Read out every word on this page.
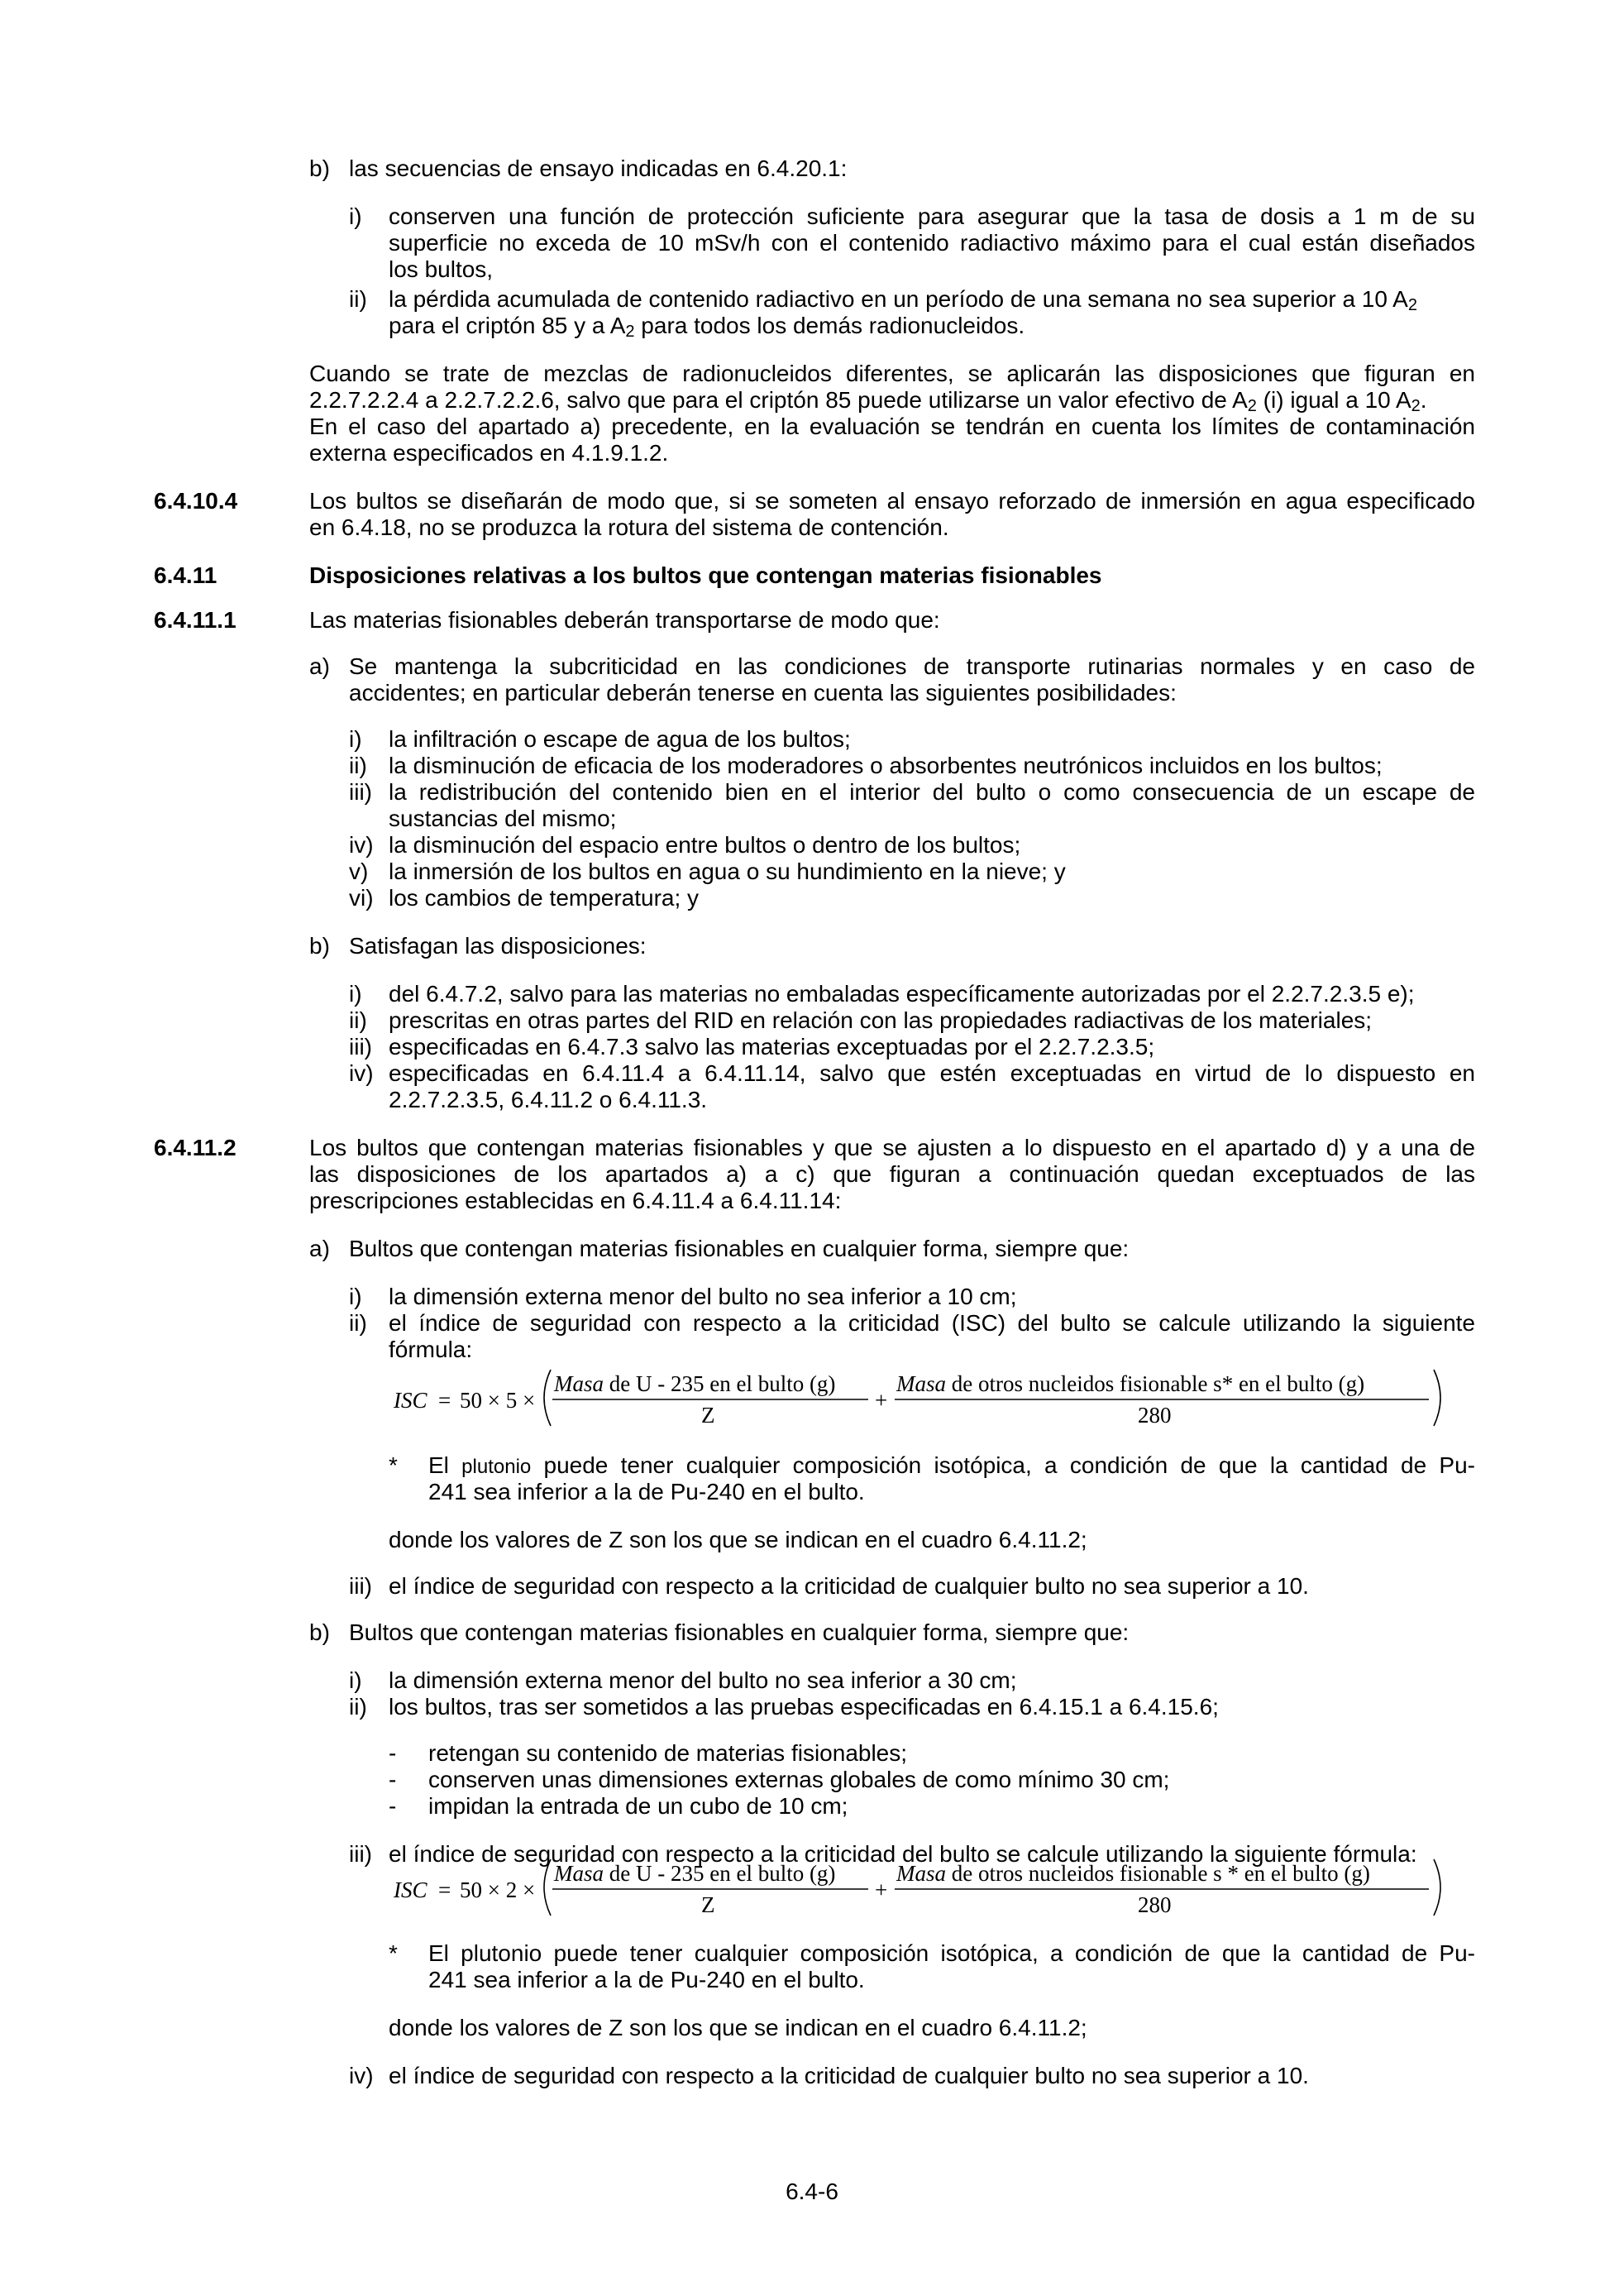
b) las secuencias de ensayo indicadas en 6.4.20.1:
i) conserven una función de protección suficiente para asegurar que la tasa de dosis a 1 m de su
superficie no exceda de 10 mSv/h con el contenido radiactivo máximo para el cual están diseñados
los bultos,
ii) la pérdida acumulada de contenido radiactivo en un período de una semana no sea superior a 10 $A_2$
para el criptón 85 y a $A_2$ para todos los demás radionucleidos.
Cuando se trate de mezclas de radionucleidos diferentes, se aplicarán las disposiciones que figuran en
2.2.7.2.2.4 a 2.2.7.2.2.6, salvo que para el criptón 85 puede utilizarse un valor efectivo de $A_2$ (i) igual a 10 $A_2$.
En el caso del apartado a) precedente, en la evaluación se tendrán en cuenta los límites de contaminación
externa especificados en 4.1.9.1.2.
6.4.10.4	Los bultos se diseñarán de modo que, si se someten al ensayo reforzado de inmersión en agua especificado
en 6.4.18, no se produzca la rotura del sistema de contención.
6.4.11	Disposiciones relativas a los bultos que contengan materias fisionables
6.4.11.1	Las materias fisionables deberán transportarse de modo que:
a) Se mantenga la subcriticidad en las condiciones de transporte rutinarias normales y en caso de
accidentes; en particular deberán tenerse en cuenta las siguientes posibilidades:
i) la infiltración o escape de agua de los bultos;
ii) la disminución de eficacia de los moderadores o absorbentes neutrónicos incluidos en los bultos;
iii) la redistribución del contenido bien en el interior del bulto o como consecuencia de un escape de
sustancias del mismo;
iv) la disminución del espacio entre bultos o dentro de los bultos;
v) la inmersión de los bultos en agua o su hundimiento en la nieve; y
vi) los cambios de temperatura; y
b) Satisfagan las disposiciones:
i) del 6.4.7.2, salvo para las materias no embaladas específicamente autorizadas por el 2.2.7.2.3.5 e);
ii) prescritas en otras partes del RID en relación con las propiedades radiactivas de los materiales;
iii) especificadas en 6.4.7.3 salvo las materias exceptuadas por el 2.2.7.2.3.5;
iv) especificadas en 6.4.11.4 a 6.4.11.14, salvo que estén exceptuadas en virtud de lo dispuesto en
2.2.7.2.3.5, 6.4.11.2 o 6.4.11.3.
6.4.11.2	Los bultos que contengan materias fisionables y que se ajusten a lo dispuesto en el apartado d) y a una de
las disposiciones de los apartados a) a c) que figuran a continuación quedan exceptuados de las
prescripciones establecidas en 6.4.11.4 a 6.4.11.14:
a) Bultos que contengan materias fisionables en cualquier forma, siempre que:
i) la dimensión externa menor del bulto no sea inferior a 10 cm;
ii) el índice de seguridad con respecto a la criticidad (ISC) del bulto se calcule utilizando la siguiente
fórmula:
ISC = 50 × 5 ×
Masa de U - 235 en el bulto (g)
Z
+
Masa de otros nucleidos fisionable s* en el bulto (g)
280
* El plutonio puede tener cualquier composición isotópica, a condición de que la cantidad de Pu-
241 sea inferior a la de Pu-240 en el bulto.
donde los valores de Z son los que se indican en el cuadro 6.4.11.2;
iii) el índice de seguridad con respecto a la criticidad de cualquier bulto no sea superior a 10.
b) Bultos que contengan materias fisionables en cualquier forma, siempre que:
i) la dimensión externa menor del bulto no sea inferior a 30 cm;
ii) los bultos, tras ser sometidos a las pruebas especificadas en 6.4.15.1 a 6.4.15.6;
- retengan su contenido de materias fisionables;
- conserven unas dimensiones externas globales de como mínimo 30 cm;
- impidan la entrada de un cubo de 10 cm;
iii) el índice de seguridad con respecto a la criticidad del bulto se calcule utilizando la siguiente fórmula:
ISC = 50 × 2 ×
Masa de U - 235 en el bulto (g)
Z
+
Masa de otros nucleidos fisionable s * en el bulto (g)
280
* El plutonio puede tener cualquier composición isotópica, a condición de que la cantidad de Pu-
241 sea inferior a la de Pu-240 en el bulto.
donde los valores de Z son los que se indican en el cuadro 6.4.11.2;
iv) el índice de seguridad con respecto a la criticidad de cualquier bulto no sea superior a 10.
6.4-6
